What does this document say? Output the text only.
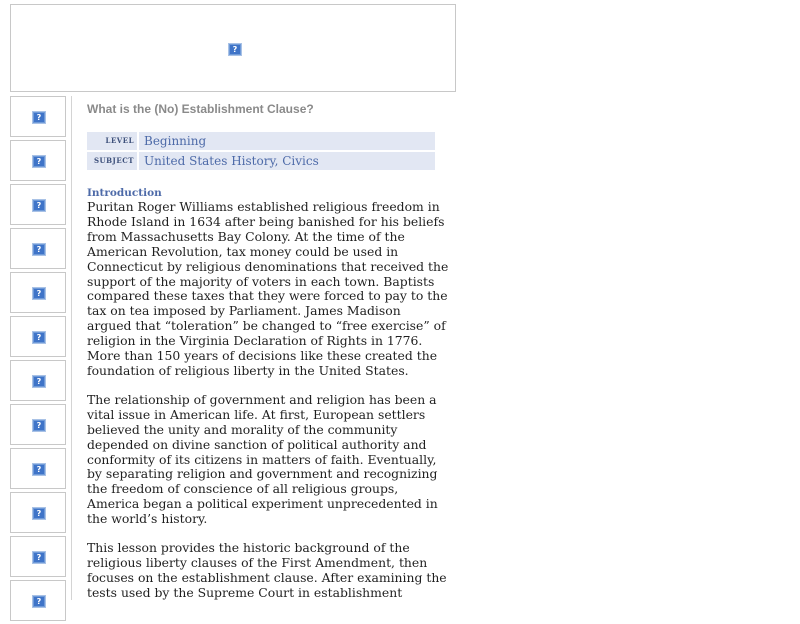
?
?
?
?
?
?
?
?
?
?
?
?
?
What is the (No) Establishment Clause?
LEVEL Beginning
SUBJECT United States History, Civics
Introduction

Puritan Roger Williams established religious freedom in Rhode Island in 1634 after being banished for his beliefs from Massachusetts Bay Colony. At the time of the American Revolution, tax money could be used in Connecticut by religious denominations that received the support of the majority of voters in each town. Baptists compared these taxes that they were forced to pay to the tax on tea imposed by Parliament. James Madison argued that “toleration” be changed to “free exercise” of religion in the Virginia Declaration of Rights in 1776. More than 150 years of decisions like these created the foundation of religious liberty in the United States.

The relationship of government and religion has been a vital issue in American life. At first, European settlers believed the unity and morality of the community depended on divine sanction of political authority and conformity of its citizens in matters of faith. Eventually, by separating religion and government and recognizing the freedom of conscience of all religious groups, America began a political experiment unprecedented in the world’s history.

This lesson provides the historic background of the religious liberty clauses of the First Amendment, then focuses on the establishment clause. After examining the tests used by the Supreme Court in establishment
